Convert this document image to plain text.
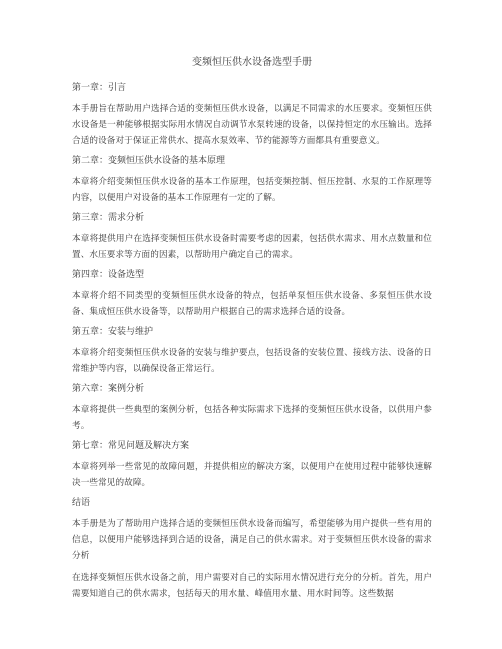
变频恒压供水设备选型手册
第一章：引言

本手册旨在帮助用户选择合适的变频恒压供水设备，以满足不同需求的水压要求。变频恒压供水设备是一种能够根据实际用水情况自动调节水泵转速的设备，以保持恒定的水压输出。选择合适的设备对于保证正常供水、提高水泵效率、节约能源等方面都具有重要意义。

第二章：变频恒压供水设备的基本原理

本章将介绍变频恒压供水设备的基本工作原理，包括变频控制、恒压控制、水泵的工作原理等内容，以便用户对设备的基本工作原理有一定的了解。

第三章：需求分析

本章将提供用户在选择变频恒压供水设备时需要考虑的因素，包括供水需求、用水点数量和位置、水压要求等方面的因素，以帮助用户确定自己的需求。

第四章：设备选型

本章将介绍不同类型的变频恒压供水设备的特点，包括单泵恒压供水设备、多泵恒压供水设备、集成恒压供水设备等，以帮助用户根据自己的需求选择合适的设备。

第五章：安装与维护

本章将介绍变频恒压供水设备的安装与维护要点，包括设备的安装位置、接线方法、设备的日常维护等内容，以确保设备正常运行。

第六章：案例分析

本章将提供一些典型的案例分析，包括各种实际需求下选择的变频恒压供水设备，以供用户参考。

第七章：常见问题及解决方案

本章将列举一些常见的故障问题，并提供相应的解决方案，以便用户在使用过程中能够快速解决一些常见的故障。

结语

本手册是为了帮助用户选择合适的变频恒压供水设备而编写，希望能够为用户提供一些有用的信息，以便用户能够选择到合适的设备，满足自己的供水需求。对于变频恒压供水设备的需求分析

在选择变频恒压供水设备之前，用户需要对自己的实际用水情况进行充分的分析。首先，用户需要知道自己的供水需求，包括每天的用水量、峰值用水量、用水时间等。这些数据
